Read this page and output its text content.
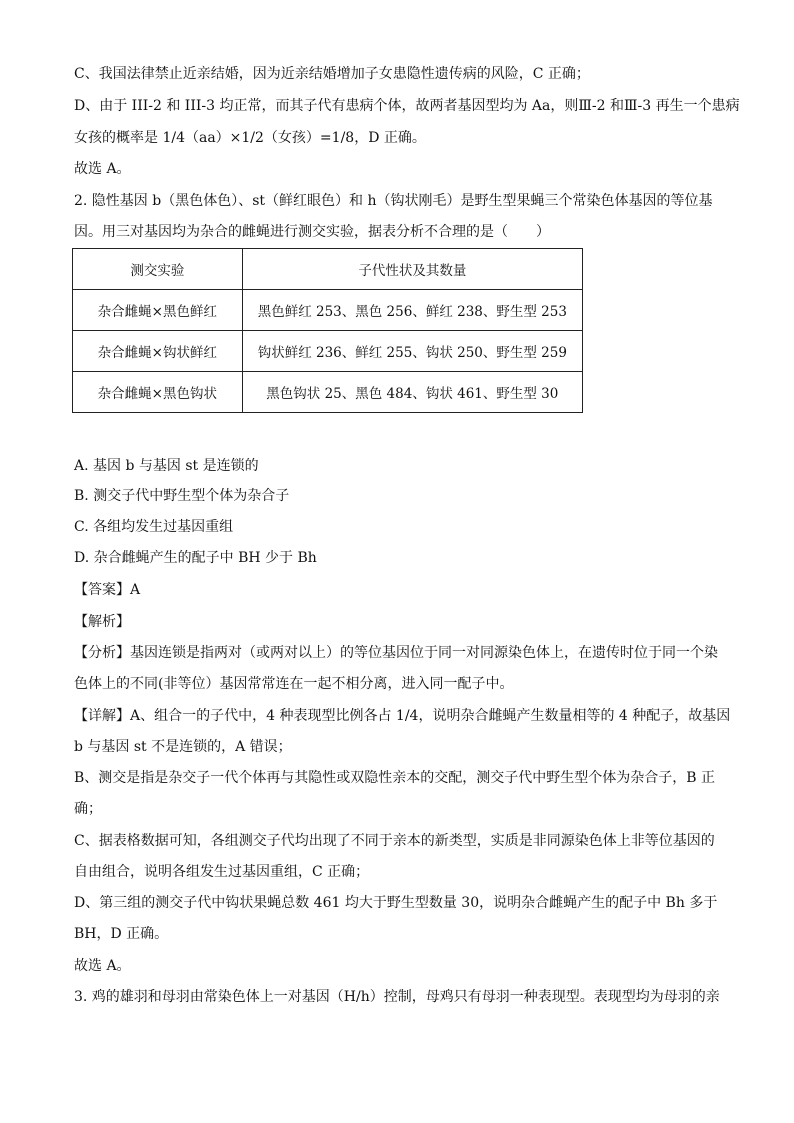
C、我国法律禁止近亲结婚，因为近亲结婚增加子女患隐性遗传病的风险，C 正确；
D、由于 III-2 和 III-3 均正常，而其子代有患病个体，故两者基因型均为 Aa，则Ⅲ-2 和Ⅲ-3 再生一个患病
女孩的概率是 1/4（aa）×1/2（女孩）=1/8，D 正确。
故选 A。
2. 隐性基因 b（黑色体色）、st（鲜红眼色）和 h（钩状刚毛）是野生型果蝇三个常染色体基因的等位基
因。用三对基因均为杂合的雌蝇进行测交实验，据表分析不合理的是（　　）
测交实验	子代性状及其数量
杂合雌蝇×黑色鲜红	黑色鲜红 253、黑色 256、鲜红 238、野生型 253
杂合雌蝇×钩状鲜红	钩状鲜红 236、鲜红 255、钩状 250、野生型 259
杂合雌蝇×黑色钩状	黑色钩状 25、黑色 484、钩状 461、野生型 30
A. 基因 b 与基因 st 是连锁的
B. 测交子代中野生型个体为杂合子
C. 各组均发生过基因重组
D. 杂合雌蝇产生的配子中 BH 少于 Bh
【答案】A
【解析】
【分析】基因连锁是指两对（或两对以上）的等位基因位于同一对同源染色体上，在遗传时位于同一个染
色体上的不同(非等位）基因常常连在一起不相分离，进入同一配子中。
【详解】A、组合一的子代中，4 种表现型比例各占 1/4，说明杂合雌蝇产生数量相等的 4 种配子，故基因
b 与基因 st 不是连锁的，A 错误；
B、测交是指是杂交子一代个体再与其隐性或双隐性亲本的交配，测交子代中野生型个体为杂合子，B 正
确；
C、据表格数据可知，各组测交子代均出现了不同于亲本的新类型，实质是非同源染色体上非等位基因的
自由组合，说明各组发生过基因重组，C 正确；
D、第三组的测交子代中钩状果蝇总数 461 均大于野生型数量 30，说明杂合雌蝇产生的配子中 Bh 多于
BH，D 正确。
故选 A。
3. 鸡的雄羽和母羽由常染色体上一对基因（H/h）控制，母鸡只有母羽一种表现型。表现型均为母羽的亲
